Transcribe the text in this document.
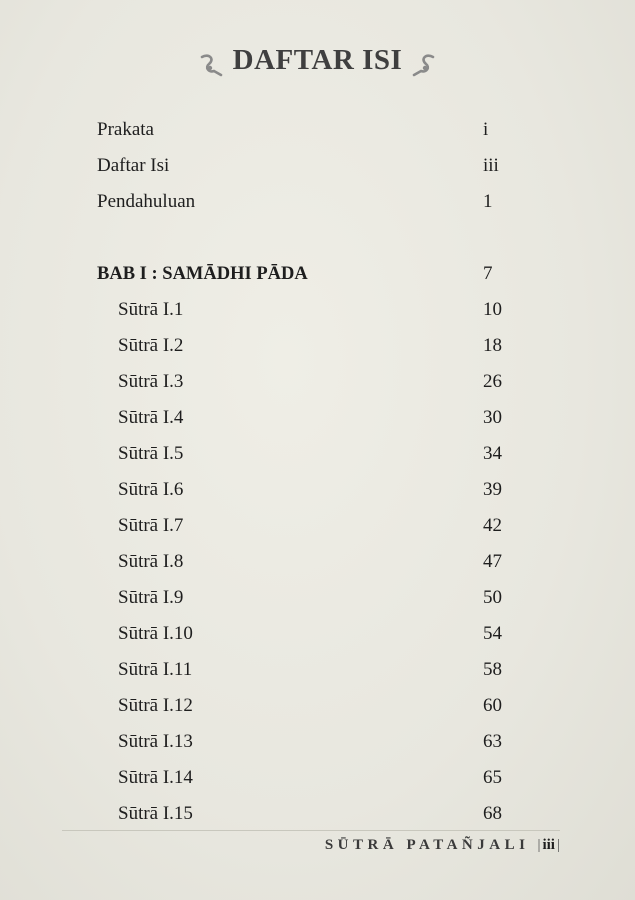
DAFTAR ISI
Prakata	i
Daftar Isi	iii
Pendahuluan	1
BAB I : SAMĀDHI PĀDA	7
Sūtrā I.1	10
Sūtrā I.2	18
Sūtrā I.3	26
Sūtrā I.4	30
Sūtrā I.5	34
Sūtrā I.6	39
Sūtrā I.7	42
Sūtrā I.8	47
Sūtrā I.9	50
Sūtrā I.10	54
Sūtrā I.11	58
Sūtrā I.12	60
Sūtrā I.13	63
Sūtrā I.14	65
Sūtrā I.15	68
SŪTRĀ PATAÑJALI | iii |
